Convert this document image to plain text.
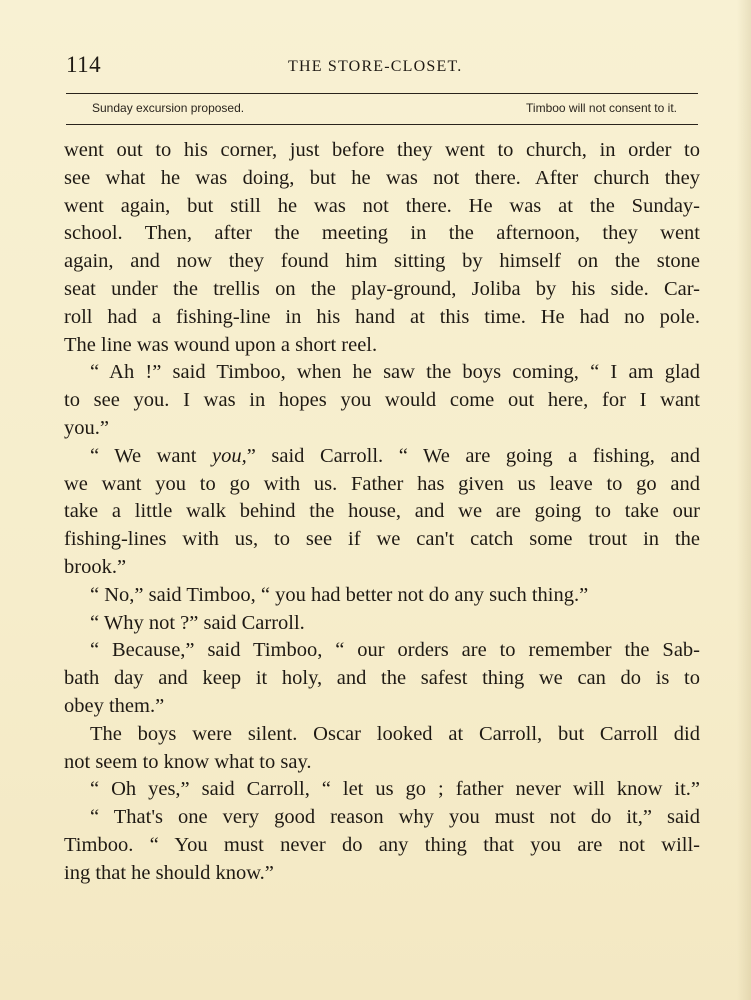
114	THE STORE-CLOSET.
Sunday excursion proposed.	Timboo will not consent to it.
went out to his corner, just before they went to church, in order to
see what he was doing, but he was not there. After church they
went again, but still he was not there. He was at the Sunday-
school. Then, after the meeting in the afternoon, they went
again, and now they found him sitting by himself on the stone
seat under the trellis on the play-ground, Joliba by his side. Car-
roll had a fishing-line in his hand at this time. He had no pole.
The line was wound upon a short reel.
“ Ah !” said Timboo, when he saw the boys coming, “ I am glad
to see you. I was in hopes you would come out here, for I want
you.”
“ We want you,” said Carroll. “ We are going a fishing, and
we want you to go with us. Father has given us leave to go and
take a little walk behind the house, and we are going to take our
fishing-lines with us, to see if we can't catch some trout in the
brook.”
“ No,” said Timboo, “ you had better not do any such thing.”
“ Why not ?” said Carroll.
“ Because,” said Timboo, “ our orders are to remember the Sab-
bath day and keep it holy, and the safest thing we can do is to
obey them.”
The boys were silent. Oscar looked at Carroll, but Carroll did
not seem to know what to say.
“ Oh yes,” said Carroll, “ let us go ; father never will know it.”
“ That's one very good reason why you must not do it,” said
Timboo. “ You must never do any thing that you are not will-
ing that he should know.”
